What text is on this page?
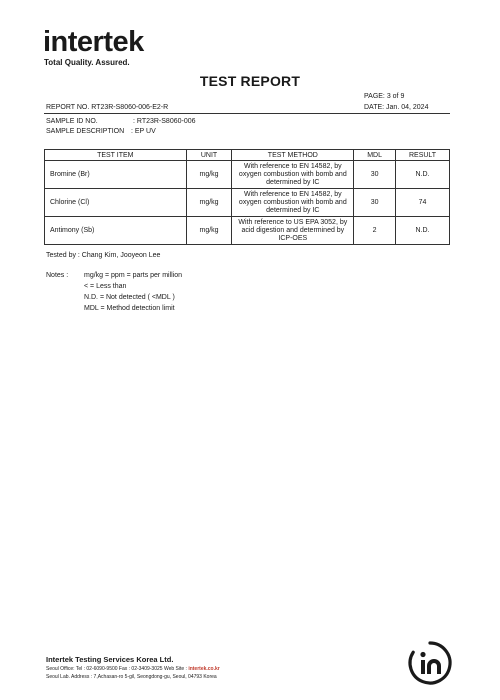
intertek
Total Quality. Assured.
TEST REPORT
PAGE: 3 of 9
REPORT NO. RT23R-S8060-006-E2-R	DATE: Jan. 04, 2024
SAMPLE ID NO.	: RT23R-S8060-006
SAMPLE DESCRIPTION : EP UV
TEST ITEM	UNIT	TEST METHOD	MDL	RESULT
Bromine (Br)	mg/kg	With reference to EN 14582, by oxygen combustion with bomb and determined by IC	30	N.D.
Chlorine (Cl)	mg/kg	With reference to EN 14582, by oxygen combustion with bomb and determined by IC	30	74
Antimony (Sb)	mg/kg	With reference to US EPA 3052, by acid digestion and determined by ICP-OES	2	N.D.
Tested by : Chang Kim, Jooyeon Lee
Notes :	mg/kg = ppm = parts per million
< = Less than
N.D. = Not detected ( <MDL )
MDL = Method detection limit
Intertek Testing Services Korea Ltd.
Seoul Office: Tel : 02-6090-9500 Fax : 02-3409-3025 Web Site : intertek.co.kr
Seoul Lab. Address : 7,Achasan-ro 5-gil, Seongdong-gu, Seoul, 04793 Korea
